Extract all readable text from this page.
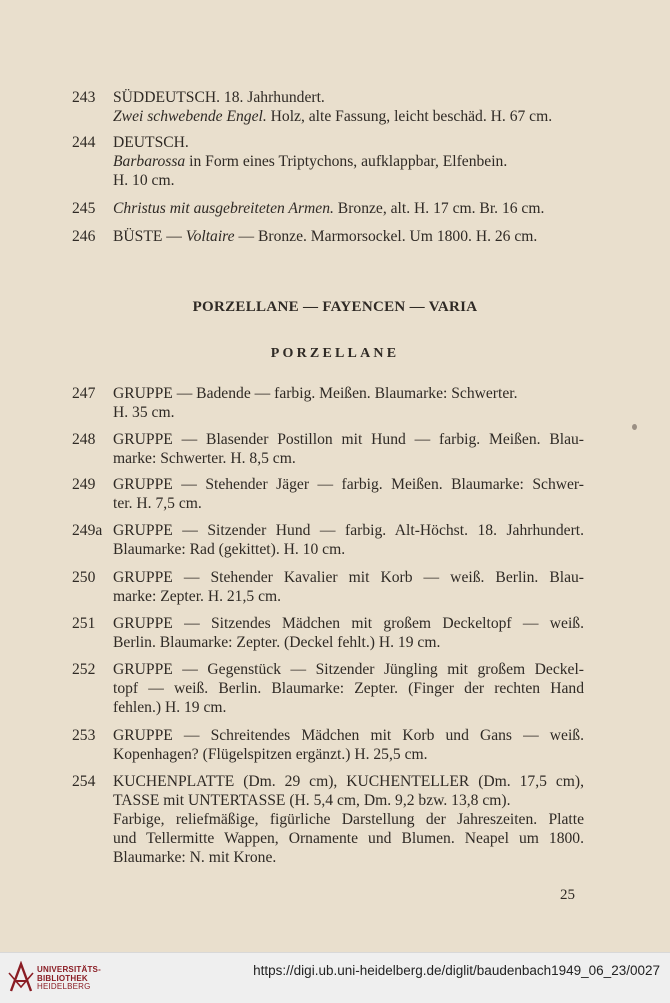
243	SÜDDEUTSCH. 18. Jahrhundert.
Zwei schwebende Engel. Holz, alte Fassung, leicht beschäd. H. 67 cm.
244	DEUTSCH.
Barbarossa in Form eines Triptychons, aufklappbar, Elfenbein.
H. 10 cm.
245	Christus mit ausgebreiteten Armen. Bronze, alt. H. 17 cm. Br. 16 cm.
246	BÜSTE — Voltaire — Bronze. Marmorsockel. Um 1800. H. 26 cm.
PORZELLANE — FAYENCEN — VARIA
PORZELLANE
247	GRUPPE — Badende — farbig. Meißen. Blaumarke: Schwerter.
H. 35 cm.
248	GRUPPE — Blasender Postillon mit Hund — farbig. Meißen. Blau-
marke: Schwerter. H. 8,5 cm.
249	GRUPPE — Stehender Jäger — farbig. Meißen. Blaumarke: Schwer-
ter. H. 7,5 cm.
249a GRUPPE — Sitzender Hund — farbig. Alt-Höchst. 18. Jahrhundert.
Blaumarke: Rad (gekittet). H. 10 cm.
250	GRUPPE — Stehender Kavalier mit Korb — weiß. Berlin. Blau-
marke: Zepter. H. 21,5 cm.
251	GRUPPE — Sitzendes Mädchen mit großem Deckeltopf — weiß.
Berlin. Blaumarke: Zepter. (Deckel fehlt.) H. 19 cm.
252	GRUPPE — Gegenstück — Sitzender Jüngling mit großem Deckel-
topf — weiß. Berlin. Blaumarke: Zepter. (Finger der rechten Hand
fehlen.) H. 19 cm.
253	GRUPPE — Schreitendes Mädchen mit Korb und Gans — weiß.
Kopenhagen? (Flügelspitzen ergänzt.) H. 25,5 cm.
254	KUCHENPLATTE (Dm. 29 cm), KUCHENTELLER (Dm. 17,5 cm),
TASSE mit UNTERTASSE (H. 5,4 cm, Dm. 9,2 bzw. 13,8 cm).
Farbige, reliefmäßige, figürliche Darstellung der Jahreszeiten. Platte
und Tellermitte Wappen, Ornamente und Blumen. Neapel um 1800.
Blaumarke: N. mit Krone.
25
UNIVERSITÄTS-
BIBLIOTHEK
HEIDELBERG
https://digi.ub.uni-heidelberg.de/diglit/baudenbach1949_06_23/0027
